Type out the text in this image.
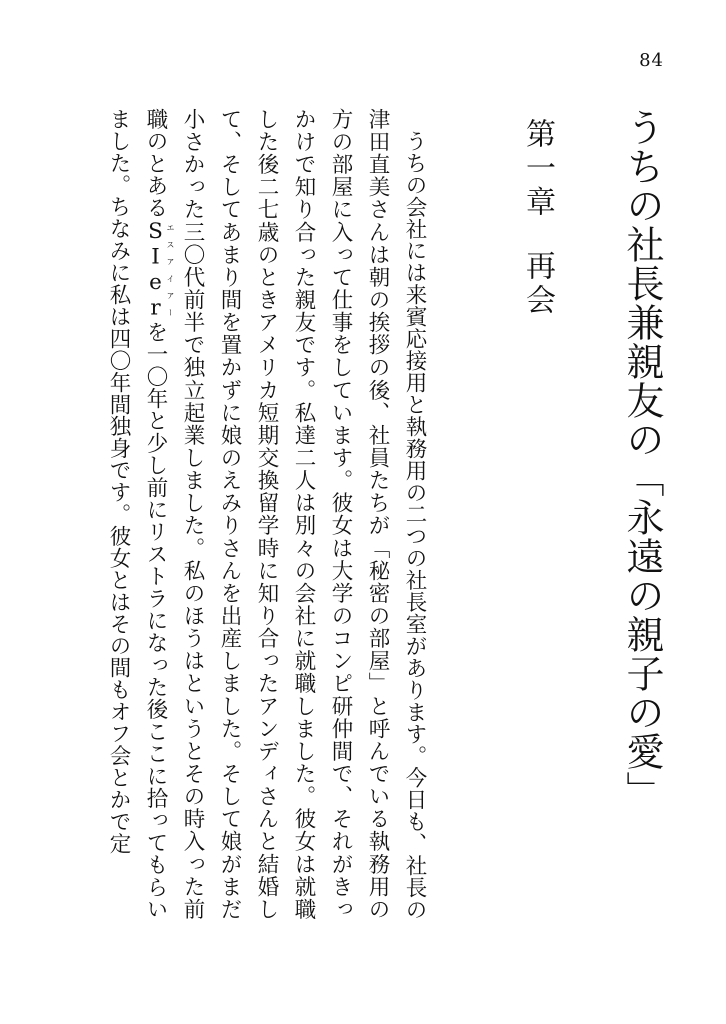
84
うちの社長兼親友の「永遠の親子の愛」
第一章再会

うちの会社には来賓応接用と執務用の二つの社長室があります。今日も、社長の津田直美さんは朝の挨拶の後、社員たちが「秘密の部屋」と呼んでいる執務用の方の部屋に入って仕事をしています。彼女は大学のコンピ研仲間で、それがきっかけで知り合った親友です。私達二人は別々の会社に就職しました。彼女は就職した後二七歳のときアメリカ短期交換留学時に知り合ったアンディさんと結婚して、そしてあまり間を置かずに娘のえみりさんを出産しました。そして娘がまだ小さかった三〇代前半で独立起業しました。私のほうはというとその時入った前職のとあるSIerエスアイアーを一〇年と少し前にリストラになった後ここに拾ってもらいました。ちなみに私は四〇年間独身です。彼女とはその間もオフ会とかで定
